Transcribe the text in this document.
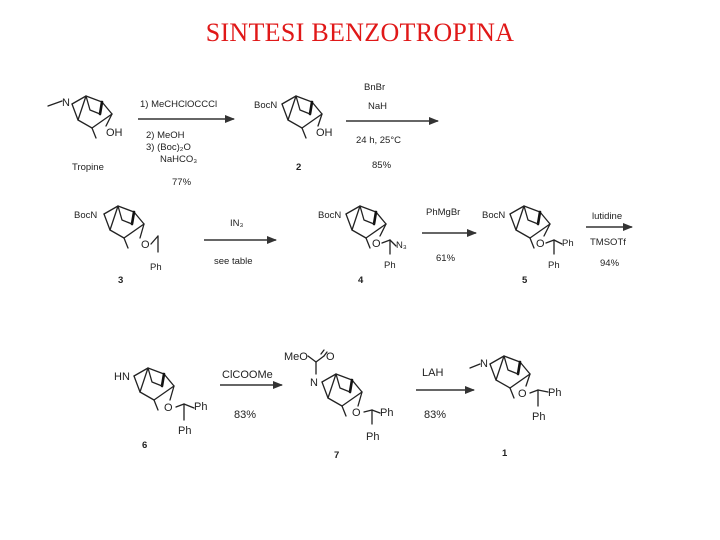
SINTESI BENZOTROPINA
N
OH
Tropine
1) MeCHClOCCCl
2) MeOH
3) (Boc)₂O
NaHCO₃
77%
BocN
OH
2
BnBr
NaH
24 h, 25°C
85%
BocN
O
Ph
3
IN₃
see table
BocN
O N₃
Ph
4
PhMgBr
61%
BocN
O Ph
Ph
5
lutidine
TMSOTf
94%
HN
O Ph
Ph
6
ClCOOMe
83%
MeO O
N
O Ph
Ph
7
LAH
83%
N
O Ph
Ph
1
